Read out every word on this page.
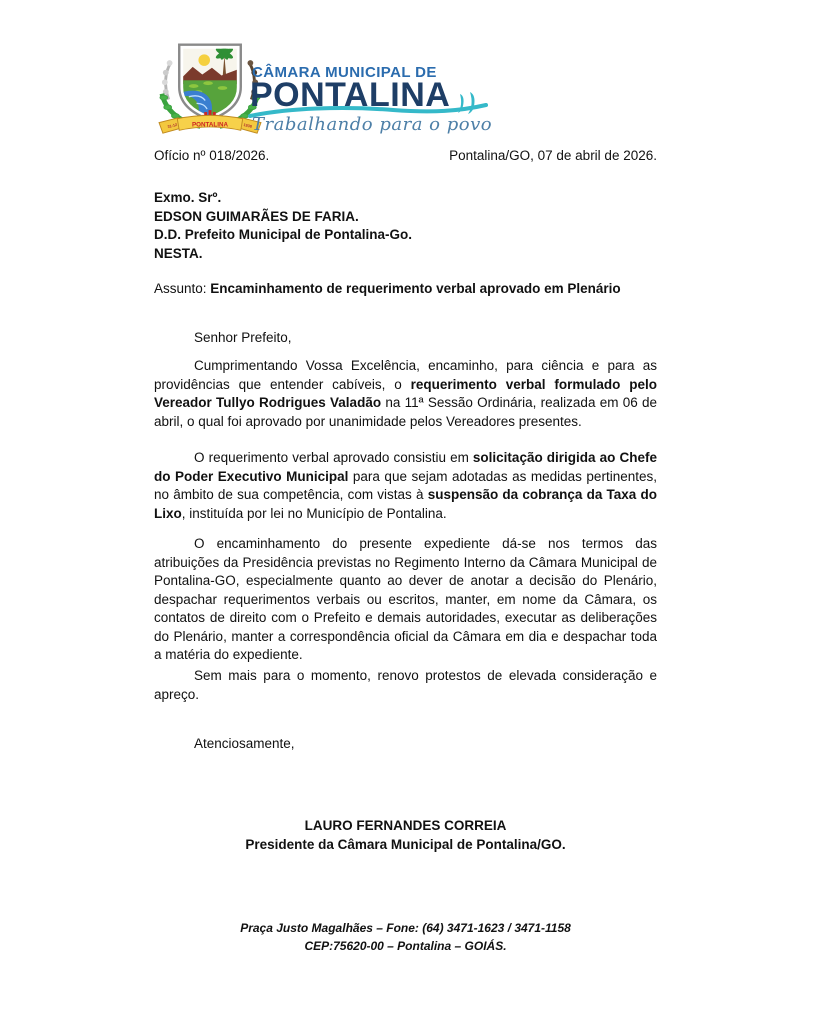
31-12 PONTALINA	1938
CÂMARA MUNICIPAL DE
PONTALINA
Trabalhando para o povo
Ofício nº 018/2026.	Pontalina/GO, 07 de abril de 2026.
Exmo. Srº.
EDSON GUIMARÃES DE FARIA.
D.D. Prefeito Municipal de Pontalina-Go.
NESTA.
Assunto: Encaminhamento de requerimento verbal aprovado em Plenário
Senhor Prefeito,

Cumprimentando Vossa Excelência, encaminho, para ciência e para as providências que entender cabíveis, o requerimento verbal formulado pelo Vereador Tullyo Rodrigues Valadão na 11ª Sessão Ordinária, realizada em 06 de abril, o qual foi aprovado por unanimidade pelos Vereadores presentes.

O requerimento verbal aprovado consistiu em solicitação dirigida ao Chefe do Poder Executivo Municipal para que sejam adotadas as medidas pertinentes, no âmbito de sua competência, com vistas à suspensão da cobrança da Taxa do Lixo, instituída por lei no Município de Pontalina.

O encaminhamento do presente expediente dá-se nos termos das atribuições da Presidência previstas no Regimento Interno da Câmara Municipal de Pontalina-GO, especialmente quanto ao dever de anotar a decisão do Plenário, despachar requerimentos verbais ou escritos, manter, em nome da Câmara, os contatos de direito com o Prefeito e demais autoridades, executar as deliberações do Plenário, manter a correspondência oficial da Câmara em dia e despachar toda a matéria do expediente.

Sem mais para o momento, renovo protestos de elevada consideração e apreço.

Atenciosamente,
LAURO FERNANDES CORREIA
Presidente da Câmara Municipal de Pontalina/GO.
Praça Justo Magalhães – Fone: (64) 3471-1623 / 3471-1158
CEP:75620-00 – Pontalina – GOIÁS.
